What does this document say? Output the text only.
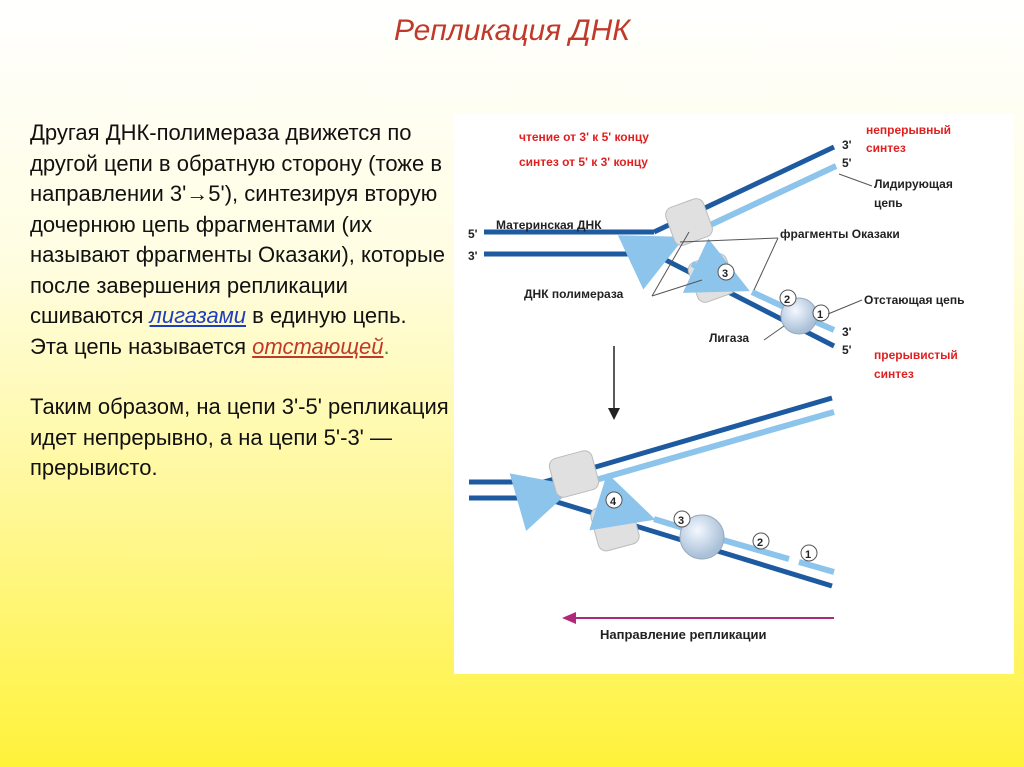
Репликация ДНК

Другая ДНК-полимераза движется по другой цепи в обратную сторону (тоже в направлении 3'→5'), синтезируя вторую дочернюю цепь фрагментами (их называют фрагменты Оказаки), которые после завершения репликации сшиваются лигазами в единую цепь. Эта цепь называется отстающей.

Таким образом, на цепи 3'-5' репликация идет непрерывно, а на цепи 5'-3' — прерывисто.

чтение от 3' к 5' концу
синтез от 5' к 3' концу
непрерывный
синтез
Лидирующая
цепь
3'
5'
5'
3'
3
2
1
3'
5'
Материнская ДНК
фрагменты Оказаки
ДНК полимераза	Отстающая цепь
Лигаза
прерывистый
синтез
4
3
2
1
Направление репликации
